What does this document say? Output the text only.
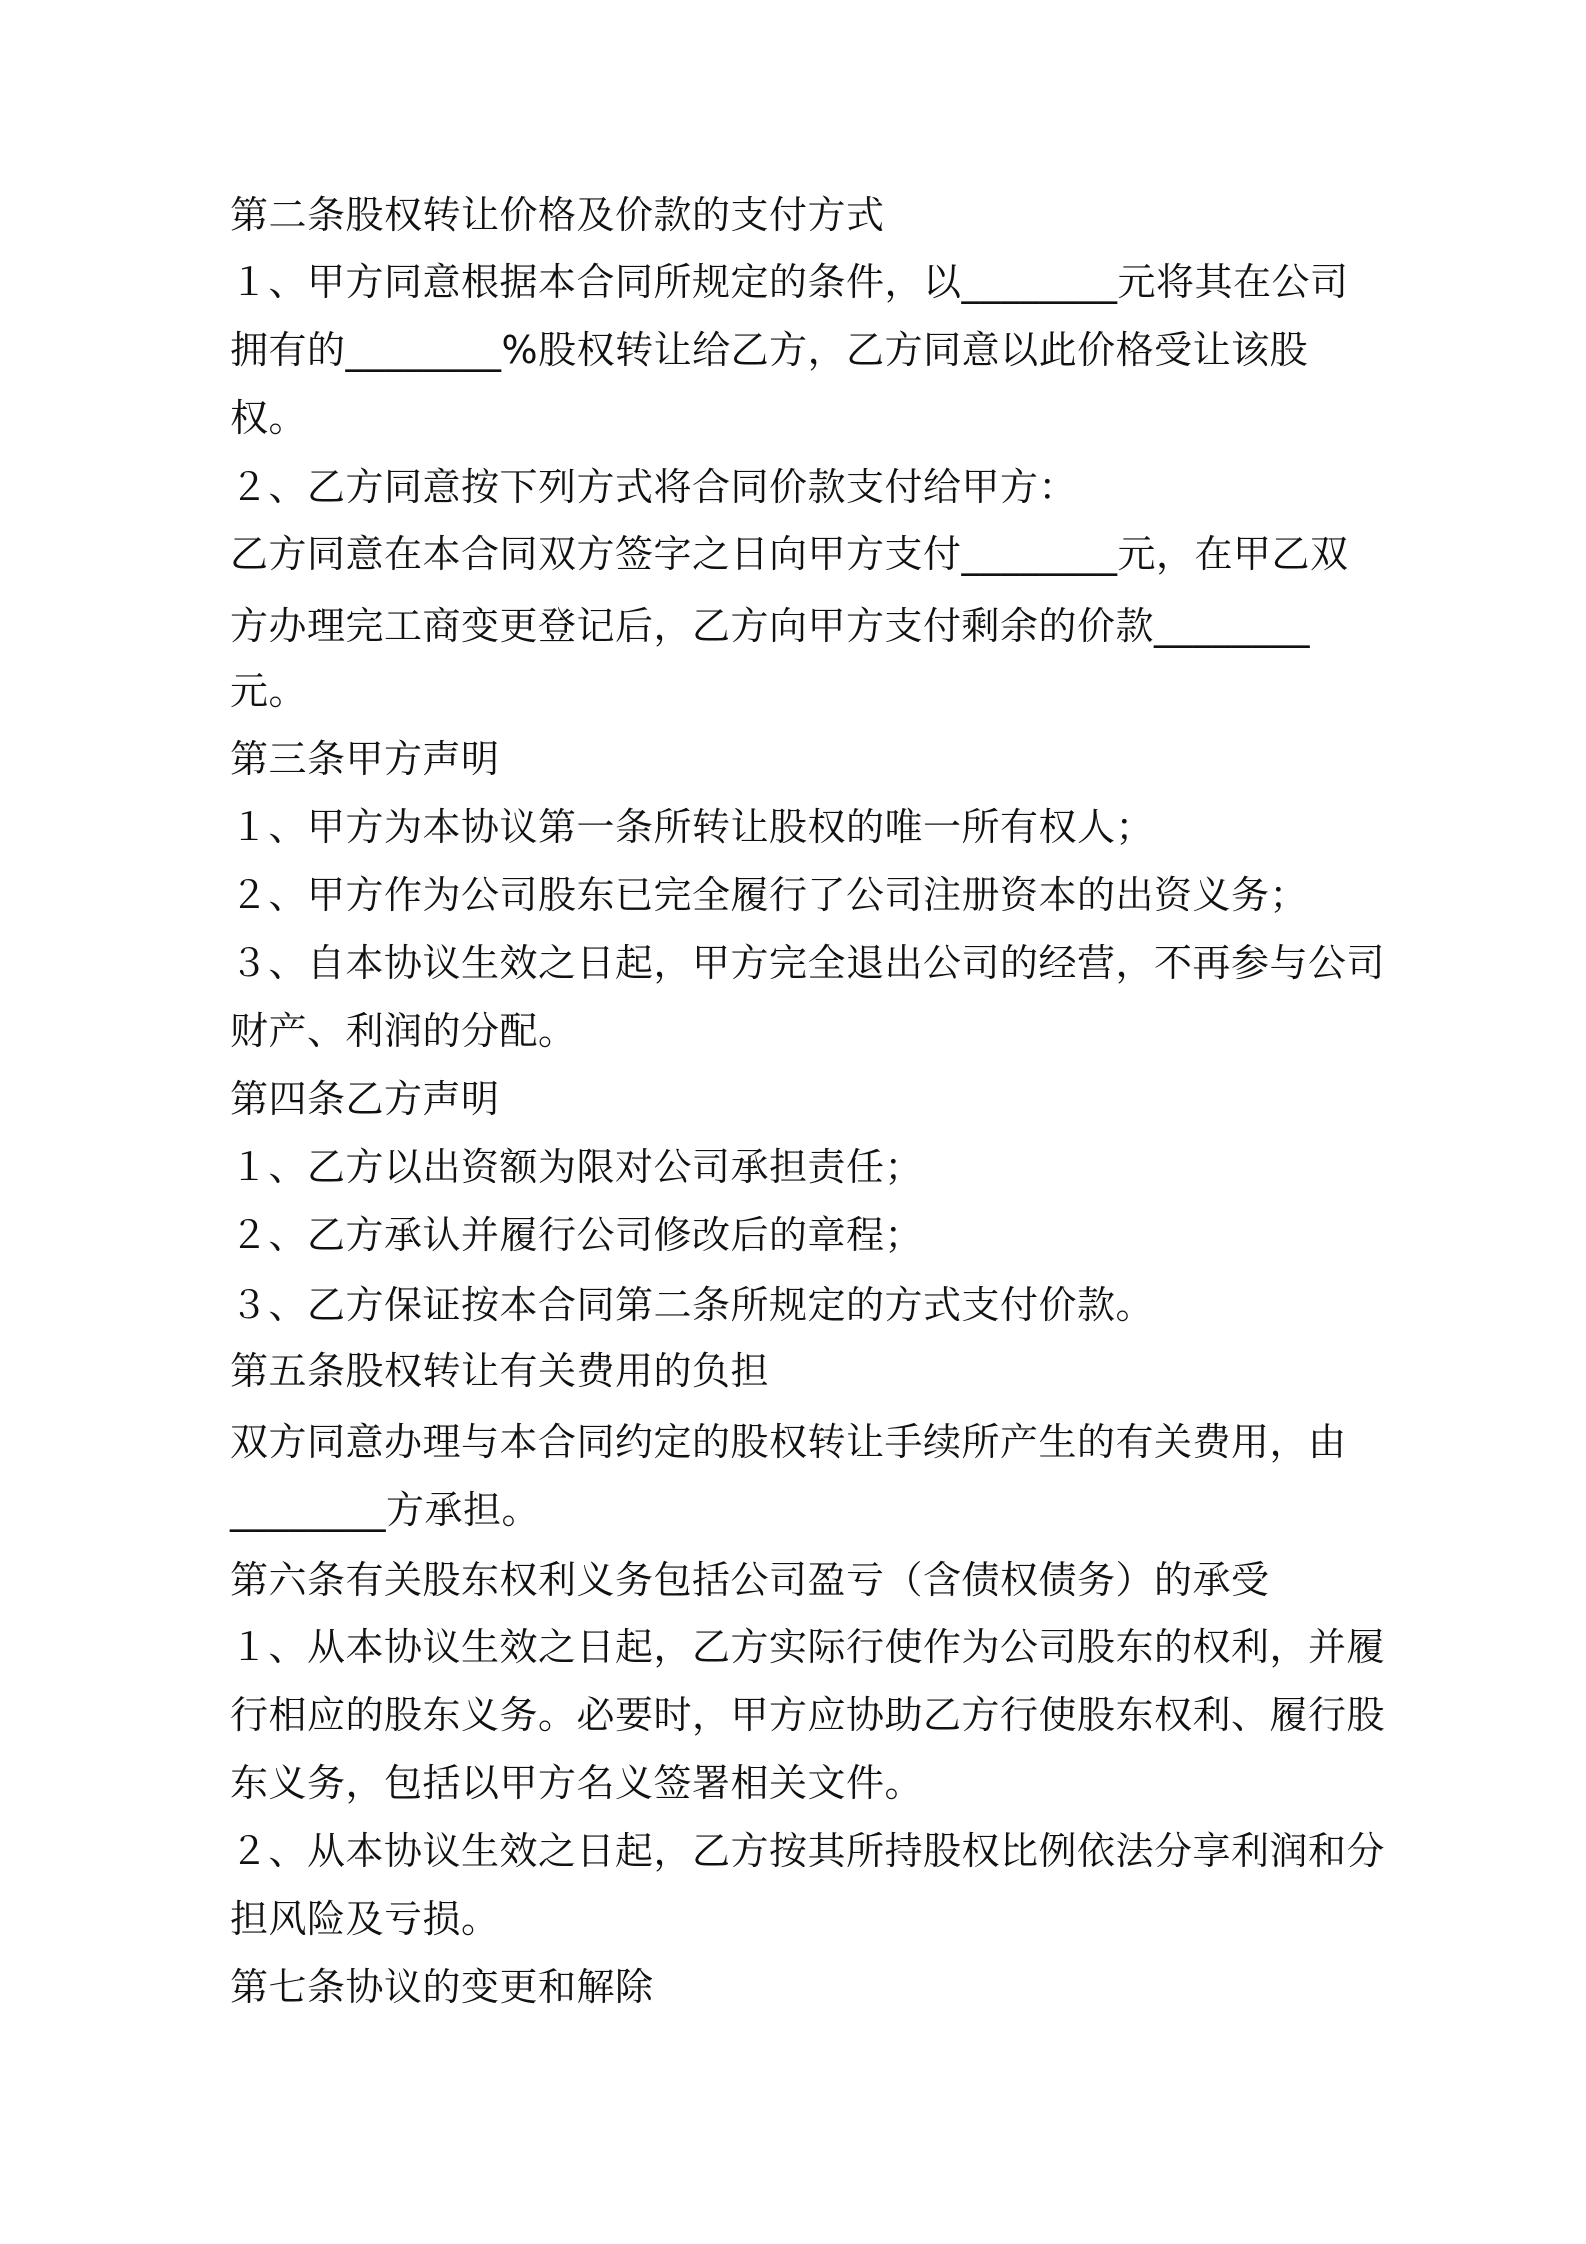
第二条股权转让价格及价款的支付方式

１、甲方同意根据本合同所规定的条件，以________元将其在公司

拥有的________%股权转让给乙方，乙方同意以此价格受让该股

权。

２、乙方同意按下列方式将合同价款支付给甲方：

乙方同意在本合同双方签字之日向甲方支付________元，在甲乙双

方办理完工商变更登记后，乙方向甲方支付剩余的价款________

元。

第三条甲方声明

１、甲方为本协议第一条所转让股权的唯一所有权人；

２、甲方作为公司股东已完全履行了公司注册资本的出资义务；

３、自本协议生效之日起，甲方完全退出公司的经营，不再参与公司

财产、利润的分配。

第四条乙方声明

１、乙方以出资额为限对公司承担责任；

２、乙方承认并履行公司修改后的章程；

３、乙方保证按本合同第二条所规定的方式支付价款。

第五条股权转让有关费用的负担

双方同意办理与本合同约定的股权转让手续所产生的有关费用，由

________方承担。

第六条有关股东权利义务包括公司盈亏（含债权债务）的承受

１、从本协议生效之日起，乙方实际行使作为公司股东的权利，并履

行相应的股东义务。必要时，甲方应协助乙方行使股东权利、履行股

东义务，包括以甲方名义签署相关文件。

２、从本协议生效之日起，乙方按其所持股权比例依法分享利润和分

担风险及亏损。

第七条协议的变更和解除
